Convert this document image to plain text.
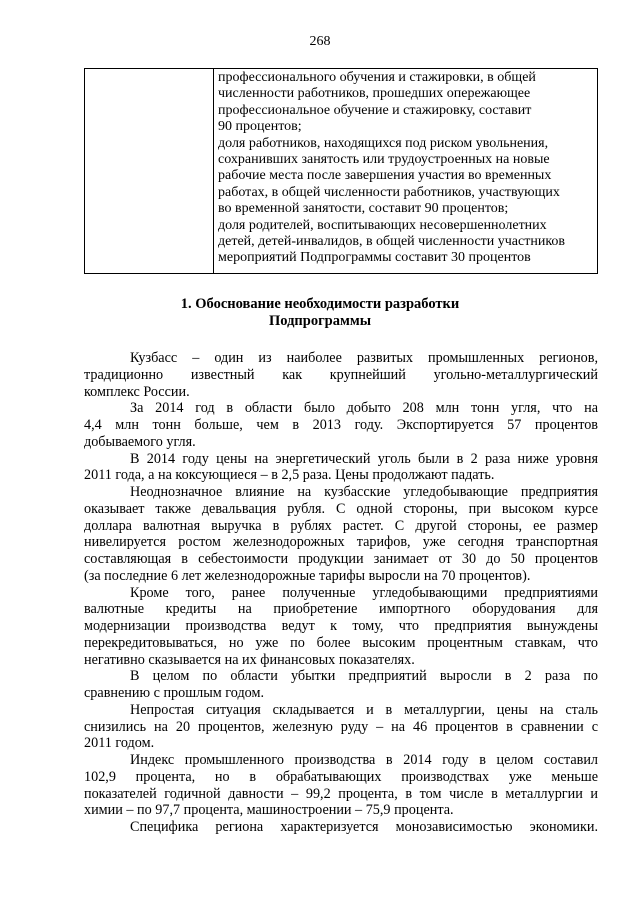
268

профессионального обучения и стажировки, в общей
численности работников, прошедших опережающее
профессиональное обучение и стажировку, составит
90 процентов;
доля работников, находящихся под риском увольнения,
сохранивших занятость или трудоустроенных на новые
рабочие места после завершения участия во временных
работах, в общей численности работников, участвующих
во временной занятости, составит 90 процентов;
доля родителей, воспитывающих несовершеннолетних
детей, детей-инвалидов, в общей численности участников
мероприятий Подпрограммы составит 30 процентов
1. Обоснование необходимости разработки
Подпрограммы

Кузбасс – один из наиболее развитых промышленных регионов,
традиционно известный как крупнейший угольно-металлургический
комплекс России.

За 2014 год в области было добыто 208 млн тонн угля, что на
4,4 млн тонн больше, чем в 2013 году. Экспортируется 57 процентов
добываемого угля.

В 2014 году цены на энергетический уголь были в 2 раза ниже уровня
2011 года, а на коксующиеся – в 2,5 раза. Цены продолжают падать.

Неоднозначное влияние на кузбасские угледобывающие предприятия
оказывает также девальвация рубля. С одной стороны, при высоком курсе
доллара валютная выручка в рублях растет. С другой стороны, ее размер
нивелируется ростом железнодорожных тарифов, уже сегодня транспортная
составляющая в себестоимости продукции занимает от 30 до 50 процентов
(за последние 6 лет железнодорожные тарифы выросли на 70 процентов).

Кроме того, ранее полученные угледобывающими предприятиями
валютные кредиты на приобретение импортного оборудования для
модернизации производства ведут к тому, что предприятия вынуждены
перекредитовываться, но уже по более высоким процентным ставкам, что
негативно сказывается на их финансовых показателях.

В целом по области убытки предприятий выросли в 2 раза по
сравнению с прошлым годом.

Непростая ситуация складывается и в металлургии, цены на сталь
снизились на 20 процентов, железную руду – на 46 процентов в сравнении с
2011 годом.

Индекс промышленного производства в 2014 году в целом составил
102,9 процента, но в обрабатывающих производствах уже меньше
показателей годичной давности – 99,2 процента, в том числе в металлургии и
химии – по 97,7 процента, машиностроении – 75,9 процента.

Специфика региона характеризуется монозависимостью экономики.
